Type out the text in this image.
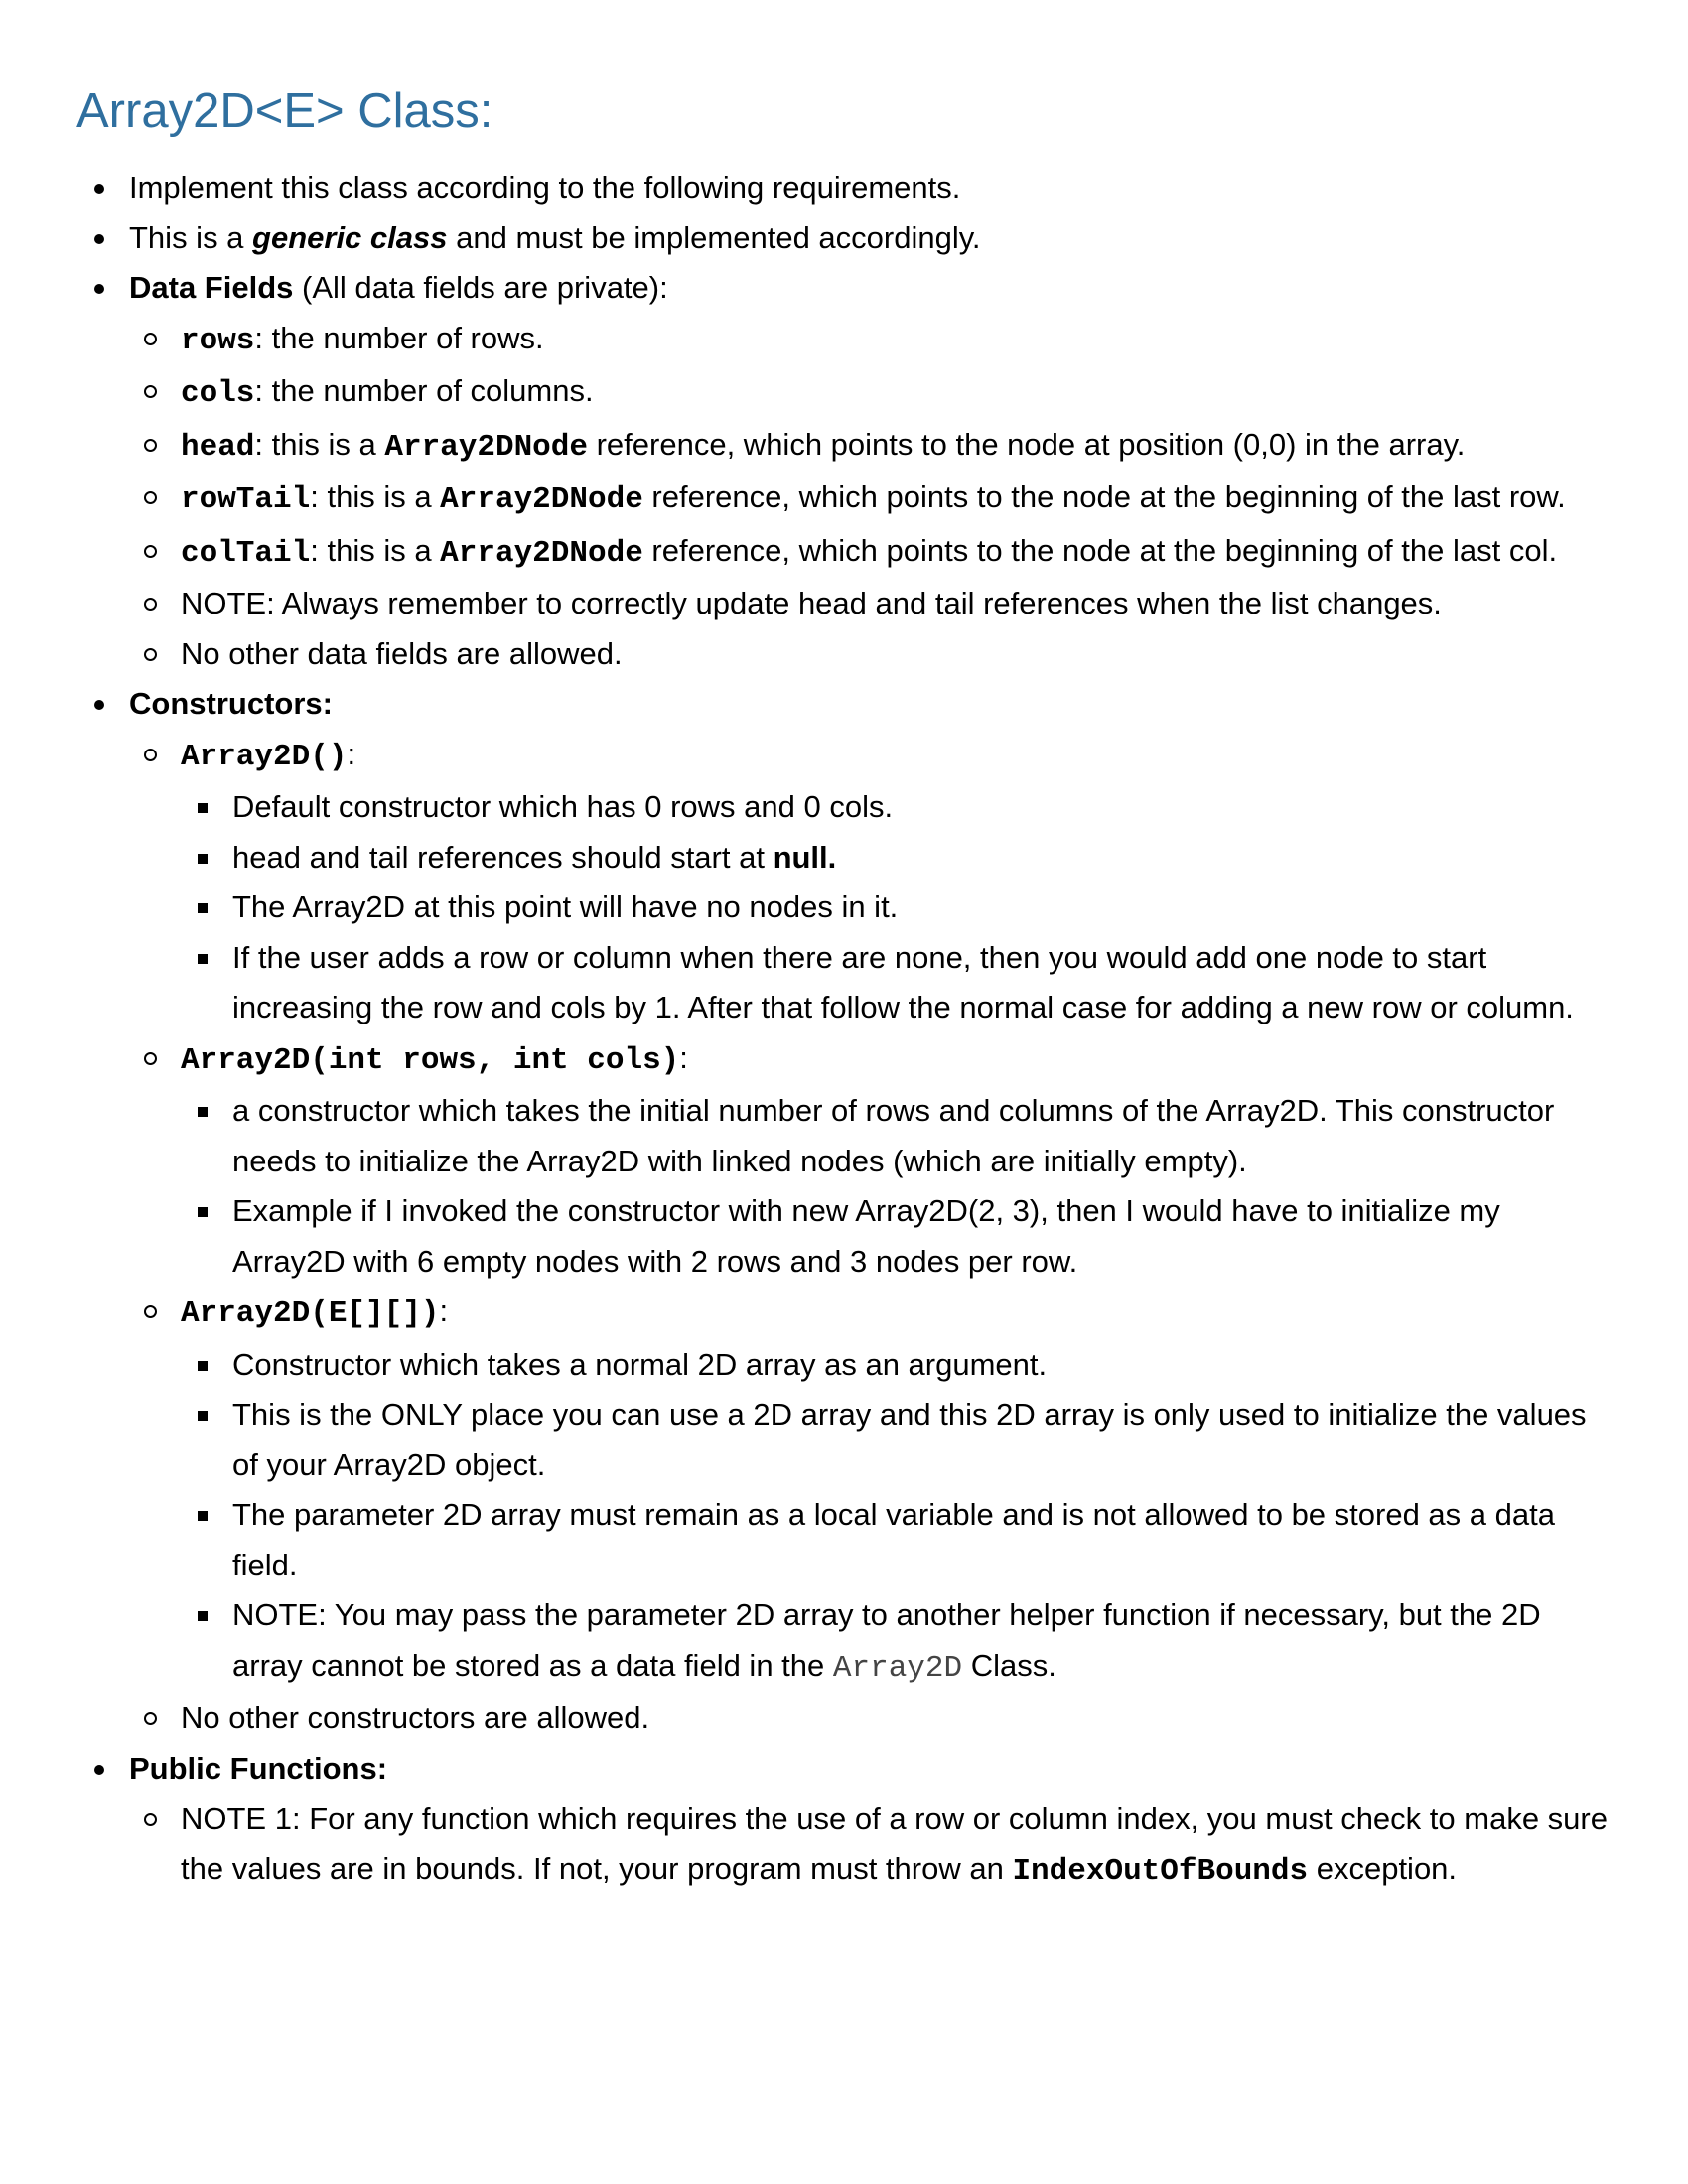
Array2D<E> Class:
Implement this class according to the following requirements.
This is a generic class and must be implemented accordingly.
Data Fields (All data fields are private):
rows: the number of rows.
cols: the number of columns.
head: this is a Array2DNode reference, which points to the node at position (0,0) in the array.
rowTail: this is a Array2DNode reference, which points to the node at the beginning of the last row.
colTail: this is a Array2DNode reference, which points to the node at the beginning of the last col.
NOTE: Always remember to correctly update head and tail references when the list changes.
No other data fields are allowed.
Constructors:
Array2D():
Default constructor which has 0 rows and 0 cols.
head and tail references should start at null.
The Array2D at this point will have no nodes in it.
If the user adds a row or column when there are none, then you would add one node to start increasing the row and cols by 1. After that follow the normal case for adding a new row or column.
Array2D(int rows, int cols):
a constructor which takes the initial number of rows and columns of the Array2D. This constructor needs to initialize the Array2D with linked nodes (which are initially empty).
Example if I invoked the constructor with new Array2D(2, 3), then I would have to initialize my Array2D with 6 empty nodes with 2 rows and 3 nodes per row.
Array2D(E[][]):
Constructor which takes a normal 2D array as an argument.
This is the ONLY place you can use a 2D array and this 2D array is only used to initialize the values of your Array2D object.
The parameter 2D array must remain as a local variable and is not allowed to be stored as a data field.
NOTE: You may pass the parameter 2D array to another helper function if necessary, but the 2D array cannot be stored as a data field in the Array2D Class.
No other constructors are allowed.
Public Functions:
NOTE 1: For any function which requires the use of a row or column index, you must check to make sure the values are in bounds. If not, your program must throw an IndexOutOfBounds exception.
